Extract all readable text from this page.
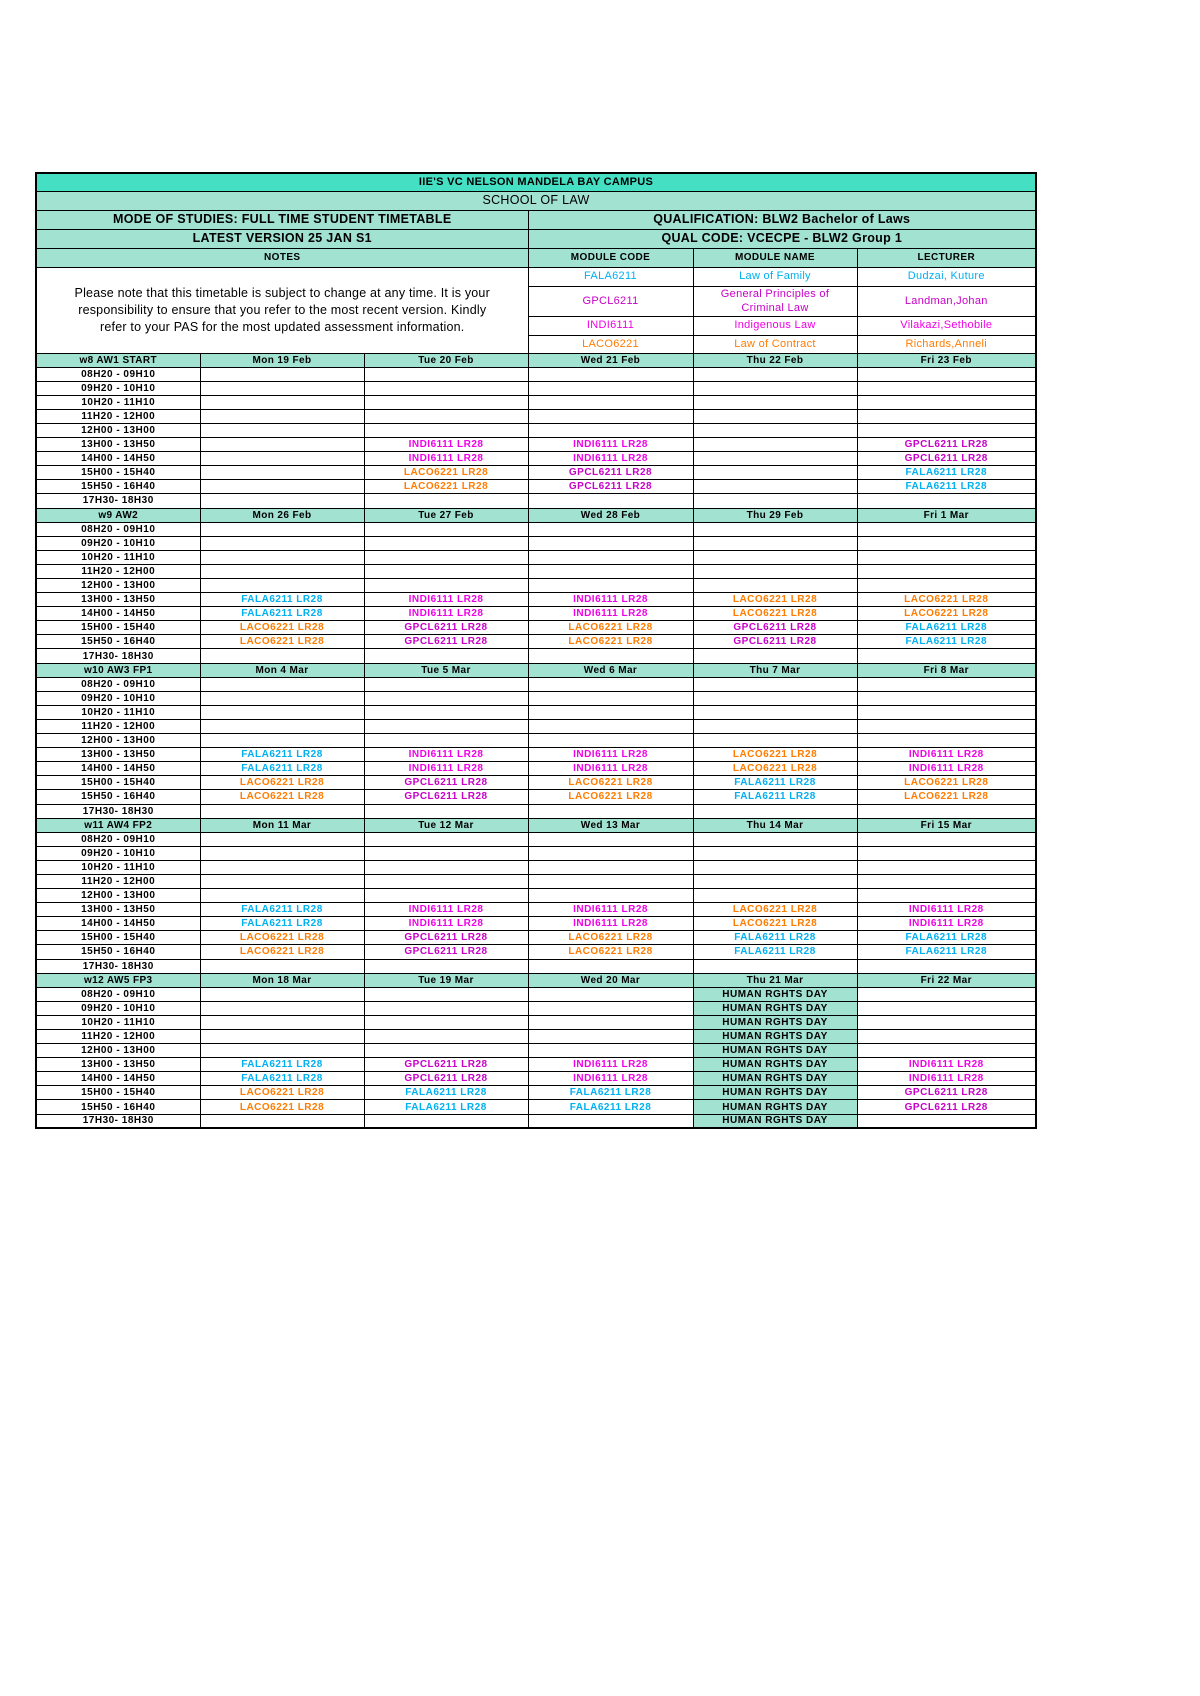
IIE'S VC NELSON MANDELA BAY CAMPUS					
SCHOOL OF LAW					
MODE OF STUDIES: FULL TIME STUDENT TIMETABLE			QUALIFICATION: BLW2 Bachelor of Laws		
LATEST VERSION 25 JAN S1			QUAL CODE: VCECPE - BLW2 Group 1		
NOTES			MODULE CODE	MODULE NAME	LECTURER

Please note that this timetable is subject to change at any time. It is your
responsibility to ensure that you refer to the most recent version. Kindly
refer to your PAS for the most updated assessment information.			FALA6211	Law of Family	Dudzai, Kuture
			GPCL6211	General Principles of Criminal Law	Landman,Johan
			INDI6111	Indigenous Law	Vilakazi,Sethobile
			LACO6221	Law of Contract	Richards,Anneli
w8 AW1 START	Mon 19 Feb	Tue 20 Feb	Wed 21 Feb	Thu 22 Feb	Fri 23 Feb
08H20 - 09H10					
09H20 - 10H10					
10H20 - 11H10					
11H20 - 12H00					
12H00 - 13H00					
13H00 - 13H50		INDI6111 LR28	INDI6111 LR28		GPCL6211 LR28
14H00 - 14H50		INDI6111 LR28	INDI6111 LR28		GPCL6211 LR28
15H00 - 15H40		LACO6221 LR28	GPCL6211 LR28		FALA6211 LR28
15H50 - 16H40		LACO6221 LR28	GPCL6211 LR28		FALA6211 LR28
17H30- 18H30					
w9 AW2	Mon 26 Feb	Tue 27 Feb	Wed 28 Feb	Thu 29 Feb	Fri 1 Mar
08H20 - 09H10					
09H20 - 10H10					
10H20 - 11H10					
11H20 - 12H00					
12H00 - 13H00					
13H00 - 13H50	FALA6211 LR28	INDI6111 LR28	INDI6111 LR28	LACO6221 LR28	LACO6221 LR28
14H00 - 14H50	FALA6211 LR28	INDI6111 LR28	INDI6111 LR28	LACO6221 LR28	LACO6221 LR28
15H00 - 15H40	LACO6221 LR28	GPCL6211 LR28	LACO6221 LR28	GPCL6211 LR28	FALA6211 LR28
15H50 - 16H40	LACO6221 LR28	GPCL6211 LR28	LACO6221 LR28	GPCL6211 LR28	FALA6211 LR28
17H30- 18H30					
w10 AW3 FP1	Mon 4 Mar	Tue 5 Mar	Wed 6 Mar	Thu 7 Mar	Fri 8 Mar
08H20 - 09H10					
09H20 - 10H10					
10H20 - 11H10					
11H20 - 12H00					
12H00 - 13H00					
13H00 - 13H50	FALA6211 LR28	INDI6111 LR28	INDI6111 LR28	LACO6221 LR28	INDI6111 LR28
14H00 - 14H50	FALA6211 LR28	INDI6111 LR28	INDI6111 LR28	LACO6221 LR28	INDI6111 LR28
15H00 - 15H40	LACO6221 LR28	GPCL6211 LR28	LACO6221 LR28	FALA6211 LR28	LACO6221 LR28
15H50 - 16H40	LACO6221 LR28	GPCL6211 LR28	LACO6221 LR28	FALA6211 LR28	LACO6221 LR28
17H30- 18H30					
w11 AW4 FP2	Mon 11 Mar	Tue 12 Mar	Wed 13 Mar	Thu 14 Mar	Fri 15 Mar
08H20 - 09H10					
09H20 - 10H10					
10H20 - 11H10					
11H20 - 12H00					
12H00 - 13H00					
13H00 - 13H50	FALA6211 LR28	INDI6111 LR28	INDI6111 LR28	LACO6221 LR28	INDI6111 LR28
14H00 - 14H50	FALA6211 LR28	INDI6111 LR28	INDI6111 LR28	LACO6221 LR28	INDI6111 LR28
15H00 - 15H40	LACO6221 LR28	GPCL6211 LR28	LACO6221 LR28	FALA6211 LR28	FALA6211 LR28
15H50 - 16H40	LACO6221 LR28	GPCL6211 LR28	LACO6221 LR28	FALA6211 LR28	FALA6211 LR28
17H30- 18H30					
w12 AW5 FP3	Mon 18 Mar	Tue 19 Mar	Wed 20 Mar	Thu 21 Mar	Fri 22 Mar
08H20 - 09H10				HUMAN RGHTS DAY	
09H20 - 10H10				HUMAN RGHTS DAY	
10H20 - 11H10				HUMAN RGHTS DAY	
11H20 - 12H00				HUMAN RGHTS DAY	
12H00 - 13H00				HUMAN RGHTS DAY	
13H00 - 13H50	FALA6211 LR28	GPCL6211 LR28	INDI6111 LR28	HUMAN RGHTS DAY	INDI6111 LR28
14H00 - 14H50	FALA6211 LR28	GPCL6211 LR28	INDI6111 LR28	HUMAN RGHTS DAY	INDI6111 LR28
15H00 - 15H40	LACO6221 LR28	FALA6211 LR28	FALA6211 LR28	HUMAN RGHTS DAY	GPCL6211 LR28
15H50 - 16H40	LACO6221 LR28	FALA6211 LR28	FALA6211 LR28	HUMAN RGHTS DAY	GPCL6211 LR28
17H30- 18H30				HUMAN RGHTS DAY	
